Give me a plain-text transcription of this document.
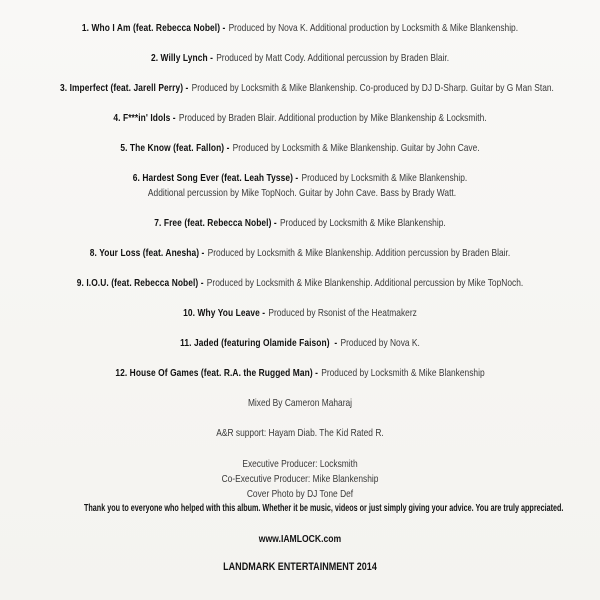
1. Who I Am (feat. Rebecca Nobel) - Produced by Nova K. Additional production by Locksmith & Mike Blankenship.
2. Willy Lynch - Produced by Matt Cody. Additional percussion by Braden Blair.
3. Imperfect (feat. Jarell Perry) - Produced by Locksmith & Mike Blankenship. Co-produced by DJ D-Sharp. Guitar by G Man Stan.
4. F***in' Idols - Produced by Braden Blair. Additional production by Mike Blankenship & Locksmith.
5. The Know (feat. Fallon) - Produced by Locksmith & Mike Blankenship. Guitar by John Cave.
6. Hardest Song Ever (feat. Leah Tysse) - Produced by Locksmith & Mike Blankenship.
Additional percussion by Mike TopNoch. Guitar by John Cave. Bass by Brady Watt.
7. Free (feat. Rebecca Nobel) - Produced by Locksmith & Mike Blankenship.
8. Your Loss (feat. Anesha) - Produced by Locksmith & Mike Blankenship. Addition percussion by Braden Blair.
9. I.O.U. (feat. Rebecca Nobel) - Produced by Locksmith & Mike Blankenship. Additional percussion by Mike TopNoch.
10. Why You Leave - Produced by Rsonist of the Heatmakerz
11. Jaded (featuring Olamide Faison)  - Produced by Nova K.
12. House Of Games (feat. R.A. the Rugged Man) - Produced by Locksmith & Mike Blankenship
Mixed By Cameron Maharaj
A&R support: Hayam Diab. The Kid Rated R.
Executive Producer: Locksmith
Co-Executive Producer: Mike Blankenship
Cover Photo by DJ Tone Def
Thank you to everyone who helped with this album. Whether it be music, videos or just simply giving your advice. You are truly appreciated.
www.IAMLOCK.com
LANDMARK ENTERTAINMENT 2014
